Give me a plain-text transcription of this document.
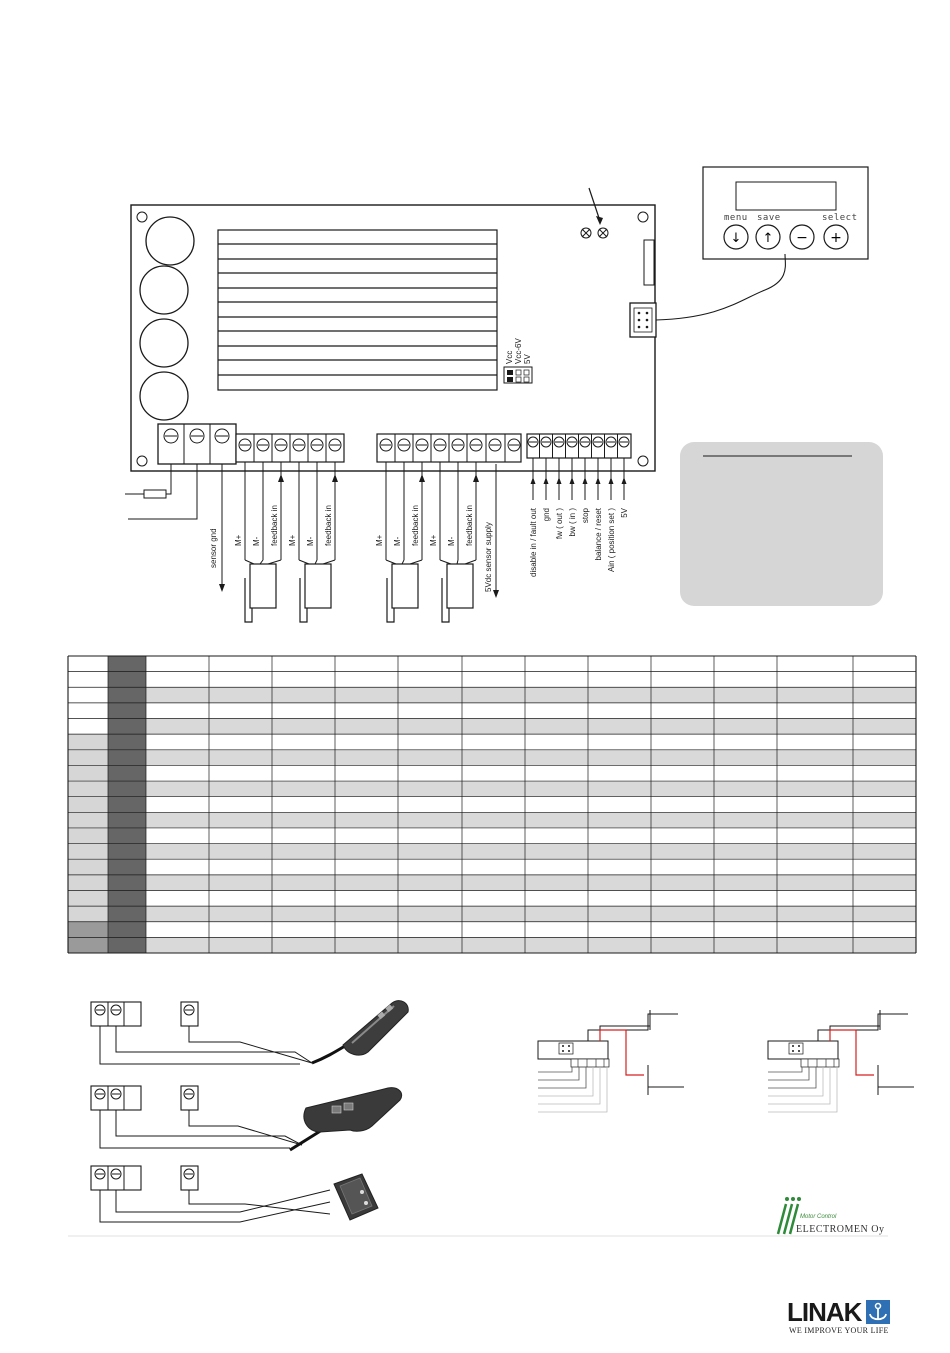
Vcc Vcc-6V 5V
menu save	select
↓ ↑ − +
sensor gnd M+ M- feedback in M+ M- feedback in	M+ M- feedback in M+ M- feedback in 5Vdc sensor supply	disable in / fault out gnd fw ( out ) bw ( in ) stop balance / reset Ain ( position set ) 5V
Motor Control
ELECTROMEN Oy
LINAK
WE IMPROVE YOUR LIFE
